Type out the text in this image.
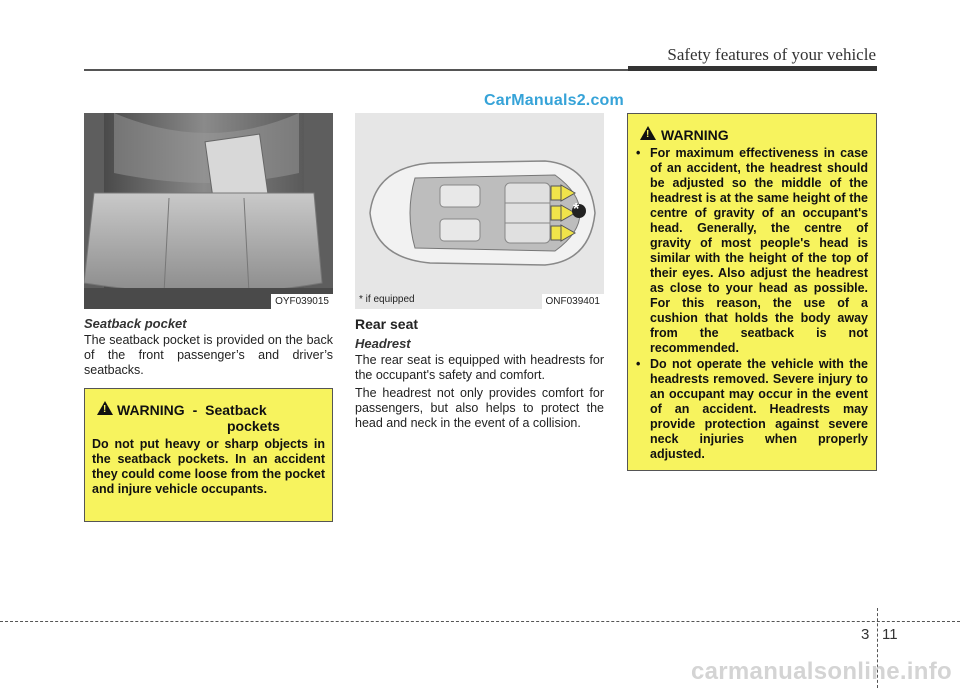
Safety features of your vehicle
CarManuals2.com
OYF039015
Seatback pocket
The seatback pocket is provided on the back of the front passenger’s and driver’s seatbacks.
!
WARNING - Seatback
pockets
Do not put heavy or sharp objects in the seatback pockets. In an accident they could come loose from the pocket and injure vehicle occupants.
*
* if equipped	ONF039401
Rear seat
Headrest
The rear seat is equipped with headrests for the occupant's safety and comfort.
The headrest not only provides comfort for passengers, but also helps to protect the head and neck in the event of a collision.
!
WARNING
• For maximum effectiveness in case of an accident, the headrest should be adjusted so the middle of the headrest is at the same height of the centre of gravity of an occupant's head. Generally, the centre of gravity of most people's head is similar with the height of the top of their eyes. Also adjust the headrest as close to your head as possible. For this reason, the use of a cushion that holds the body away from the seatback is not recommended.
• Do not operate the vehicle with the headrests removed. Severe injury to an occupant may occur in the event of an accident. Headrests may provide protection against severe neck injuries when properly adjusted.
3 11
carmanualsonline.info
